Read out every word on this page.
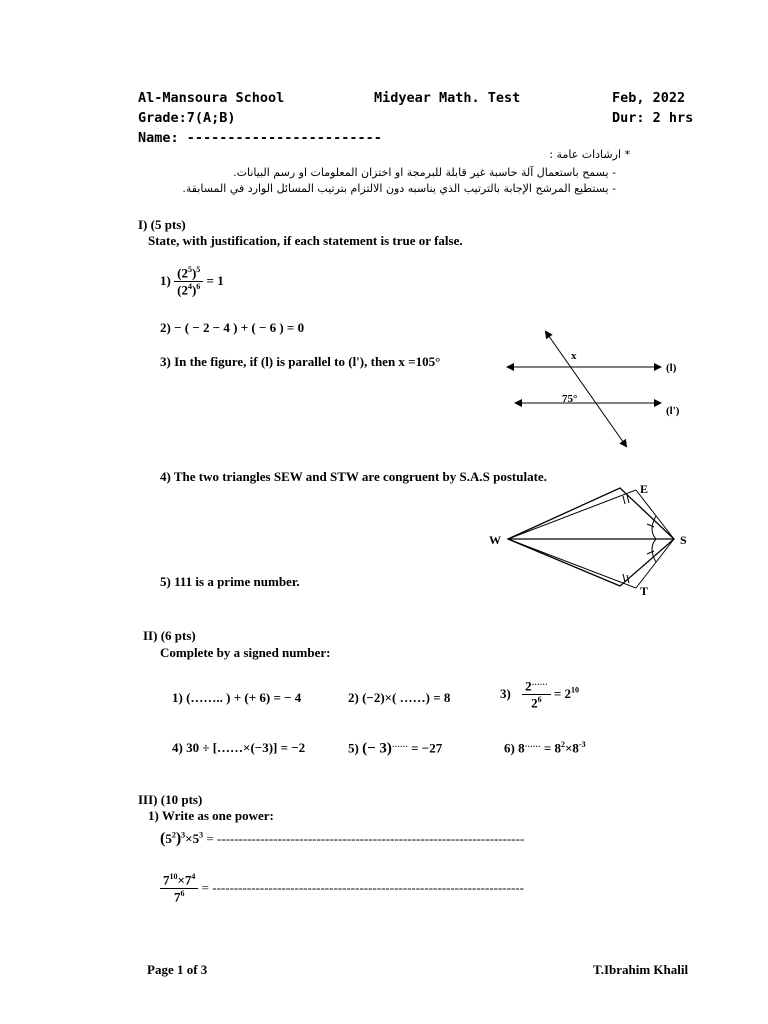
Al-Mansoura School	Midyear Math. Test	Feb, 2022
Grade:7(A;B)	Dur: 2 hrs
Name: ------------------------
* ارشادات عامة :
- يسمح باستعمال آلة حاسبة غير قابلة للبرمجة او اختزان المعلومات او رسم البيانات.
- يستطيع المرشح الإجابة بالترتيب الذي يناسبه دون الالتزام بترتيب المسائل الوارد في المسابقة.
I) (5 pts)
State, with justification, if each statement is true or false.
$1) \frac{(2^5)^5}{(2^4)^6} = 1$
2) − ( − 2 − 4 ) + ( − 6 ) = 0
3) In the figure, if (l) is parallel to (l'), then x =105°	x
75°
(l)
(l')
4) The two triangles SEW and STW are congruent by S.A.S postulate.
W	S
E
T
5) 111 is a prime number.
II) (6 pts)
Complete by a signed number:
1) (…….. ) + (+ 6) = − 4	2) (−2)×( ……) = 8	$3) \frac{2^{\dots\dots}}{2^6} = 2^{10}$
4) 30 ÷ [……×(−3)] = −2	5) (− 3)…… = −27	6) $8^{\dots\dots} = 8^2\times 8^{-3}$
III) (10 pts)
1) Write as one power:
$(5^2)^3\times 5^3$ = -----------------------------------------------------------------------
$\frac{7^{10}\times 7^4}{7^6}$ = ------------------------------------------------------------------------
Page 1 of 3	T.Ibrahim Khalil
